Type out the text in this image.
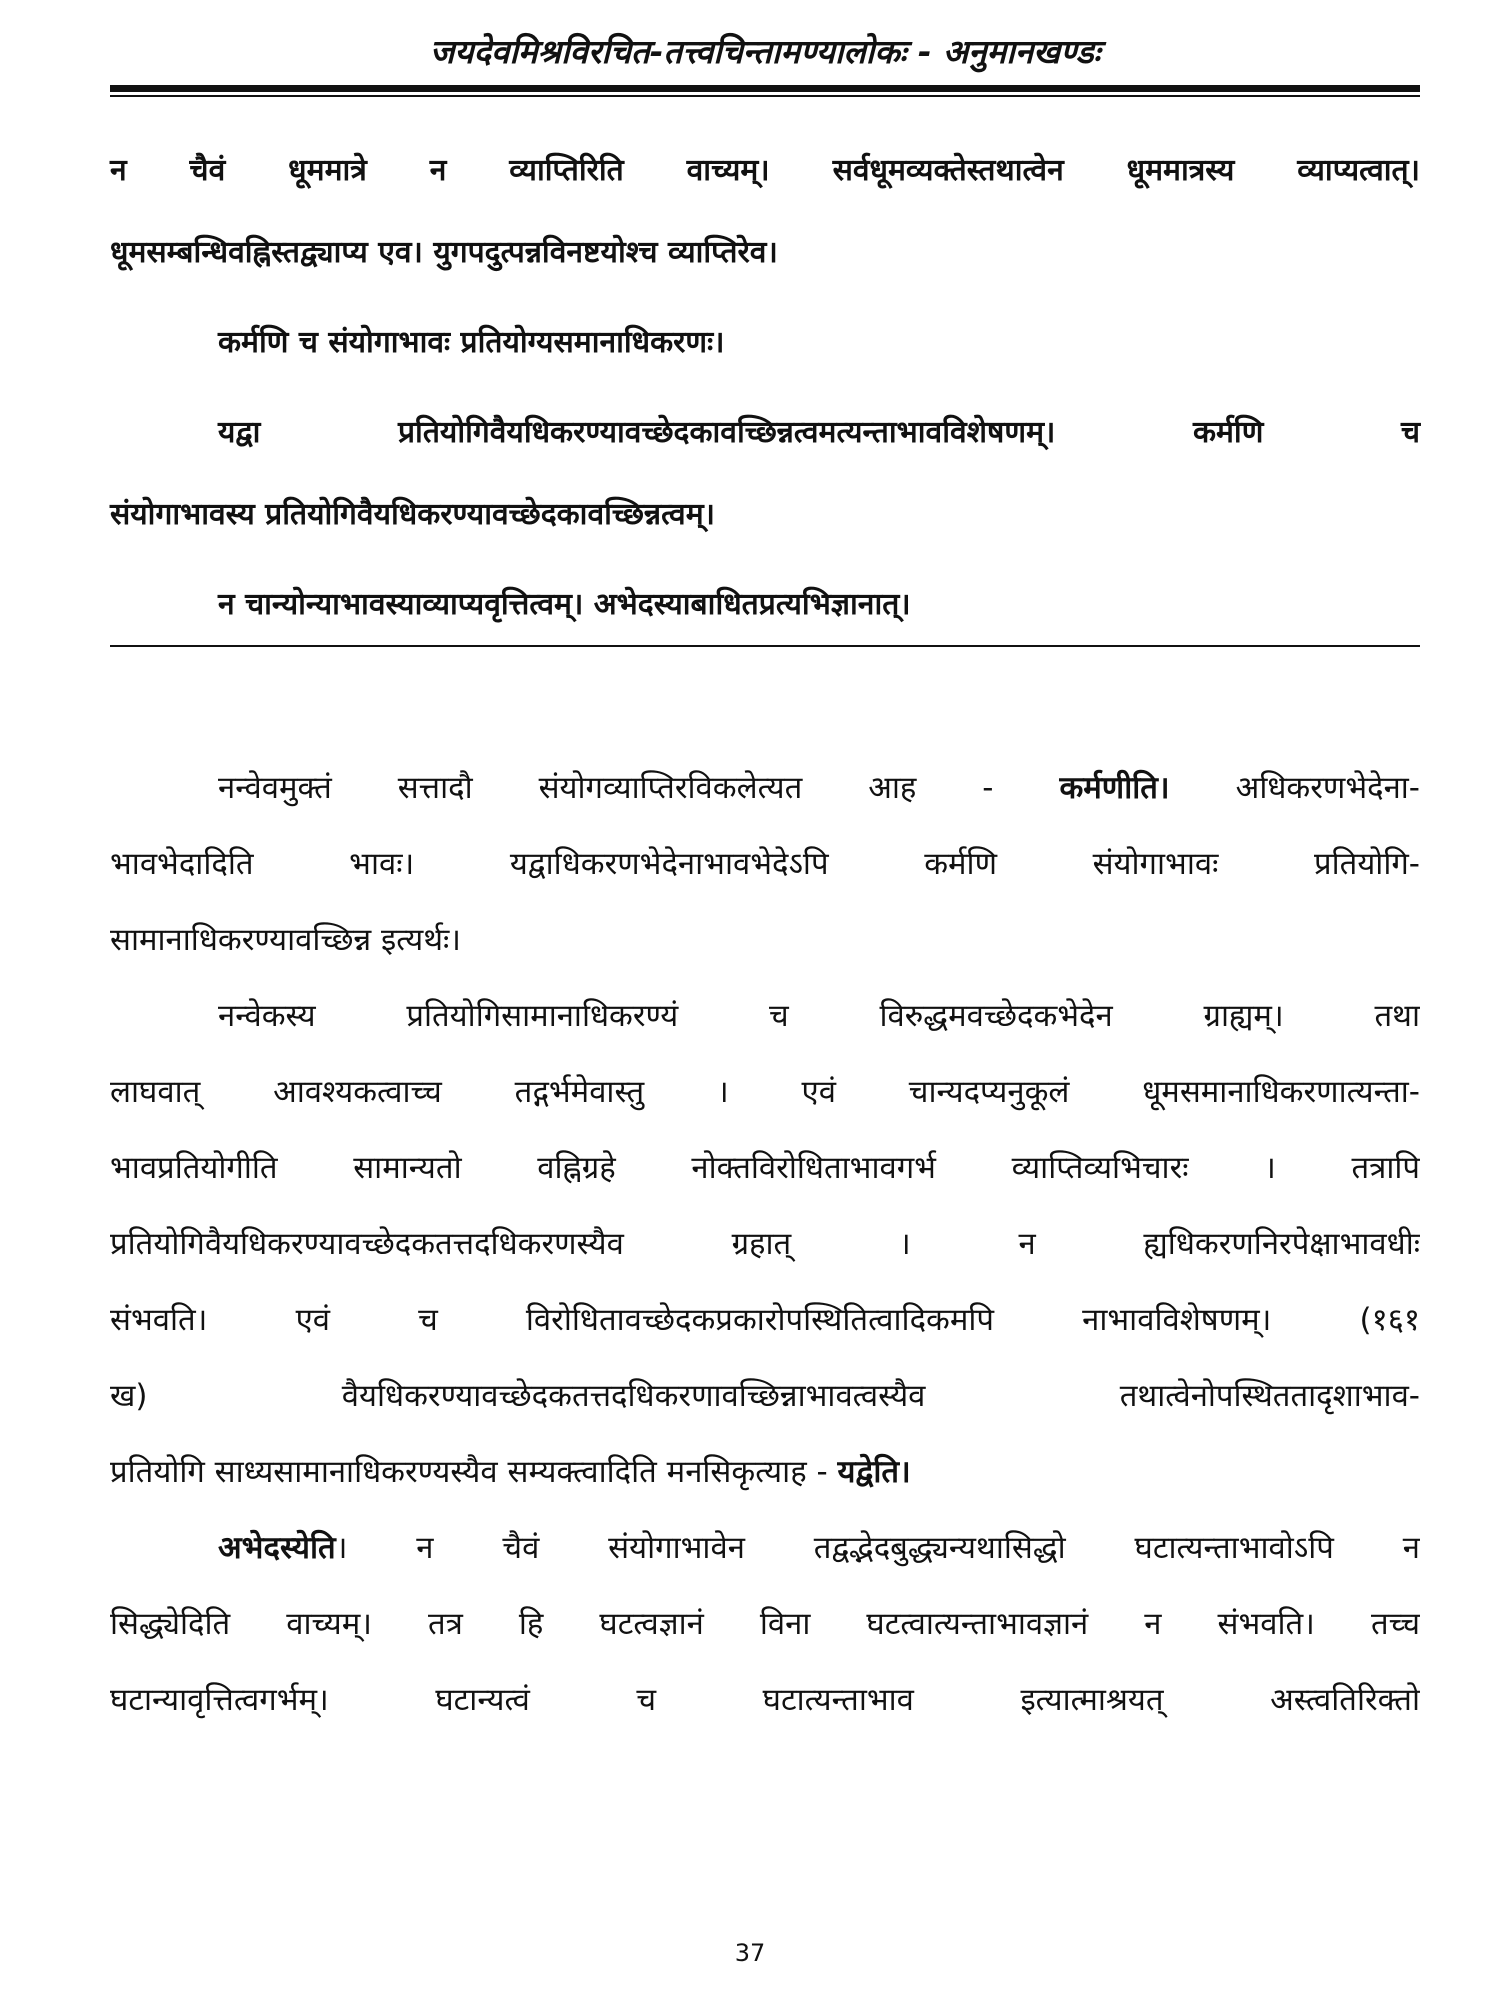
जयदेवमिश्रविरचित-तत्त्वचिन्तामण्यालोकः - अनुमानखण्डः

न चैवं धूममात्रे न व्याप्तिरिति वाच्यम्। सर्वधूमव्यक्तेस्तथात्वेन धूममात्रस्य व्याप्यत्वात्।

धूमसम्बन्धिवह्निस्तद्व्याप्य एव। युगपदुत्पन्नविनष्टयोश्च व्याप्तिरेव।

कर्मणि च संयोगाभावः प्रतियोग्यसमानाधिकरणः।

यद्वा प्रतियोगिवैयधिकरण्यावच्छेदकावच्छिन्नत्वमत्यन्ताभावविशेषणम्। कर्मणि च

संयोगाभावस्य प्रतियोगिवैयधिकरण्यावच्छेदकावच्छिन्नत्वम्।

न चान्योन्याभावस्याव्याप्यवृत्तित्वम्। अभेदस्याबाधितप्रत्यभिज्ञानात्।

नन्वेवमुक्तं सत्तादौ संयोगव्याप्तिरविकलेत्यत आह - कर्मणीति। अधिकरणभेदेना-
भावभेदादिति भावः। यद्वाधिकरणभेदेनाभावभेदेऽपि कर्मणि संयोगाभावः प्रतियोगि-
सामानाधिकरण्यावच्छिन्न इत्यर्थः।
नन्वेकस्य प्रतियोगिसामानाधिकरण्यं च विरुद्धमवच्छेदकभेदेन ग्राह्यम्। तथा
लाघवात् आवश्यकत्वाच्च तद्गर्भमेवास्तु । एवं चान्यदप्यनुकूलं धूमसमानाधिकरणात्यन्ता-
भावप्रतियोगीति सामान्यतो वह्निग्रहे नोक्तविरोधिताभावगर्भ व्याप्तिव्यभिचारः । तत्रापि
प्रतियोगिवैयधिकरण्यावच्छेदकतत्तदधिकरणस्यैव ग्रहात् । न ह्यधिकरणनिरपेक्षाभावधीः
संभवति। एवं च विरोधितावच्छेदकप्रकारोपस्थितित्वादिकमपि नाभावविशेषणम्। (१६१
ख) वैयधिकरण्यावच्छेदकतत्तदधिकरणावच्छिन्नाभावत्वस्यैव तथात्वेनोपस्थिततादृशाभाव-
प्रतियोगि साध्यसामानाधिकरण्यस्यैव सम्यक्त्वादिति मनसिकृत्याह - यद्वेति।
अभेदस्येति। न चैवं संयोगाभावेन तद्वद्भेदबुद्ध्यन्यथासिद्धो घटात्यन्ताभावोऽपि न
सिद्ध्येदिति वाच्यम्। तत्र हि घटत्वज्ञानं विना घटत्वात्यन्ताभावज्ञानं न संभवति। तच्च
घटान्यावृत्तित्वगर्भम्। घटान्यत्वं च घटात्यन्ताभाव इत्यात्माश्रयत् अस्त्वतिरिक्तो
37
